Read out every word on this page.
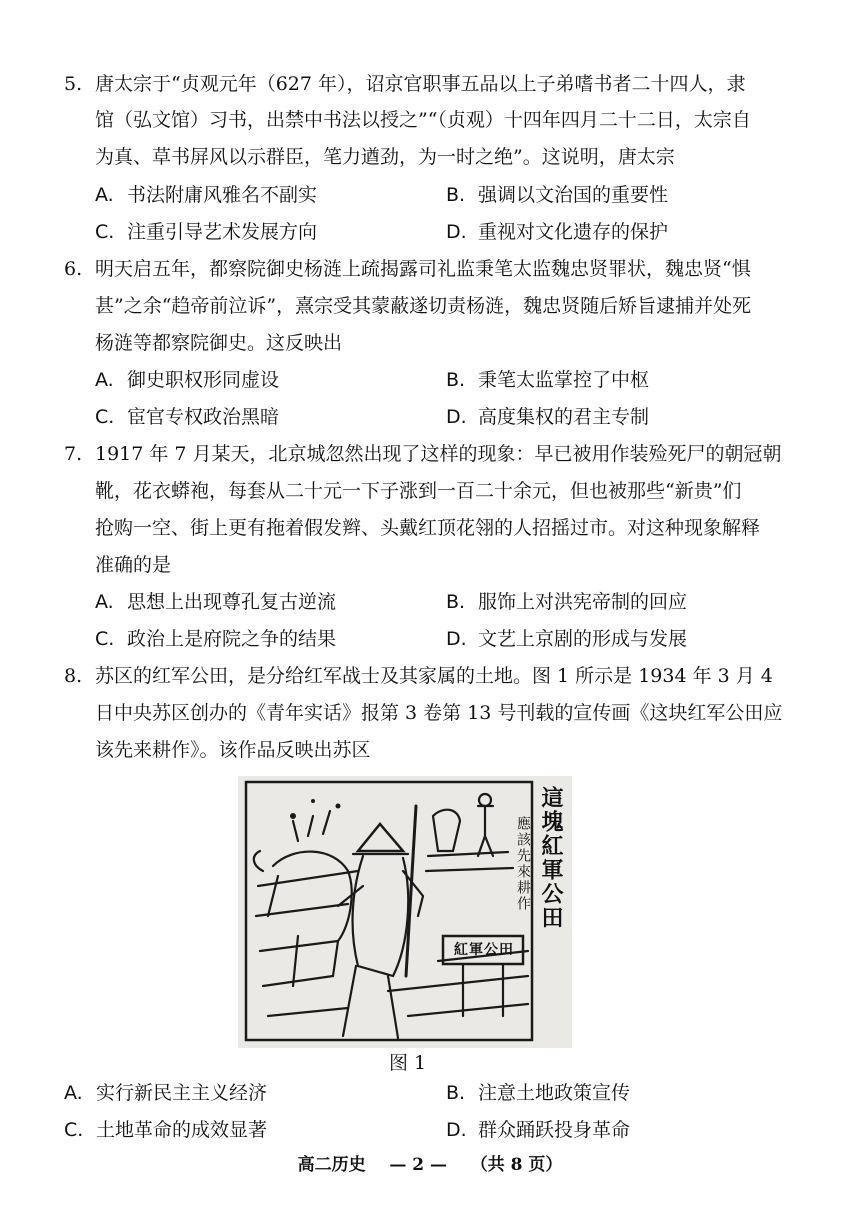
5. 唐太宗于“贞观元年（627 年），诏京官职事五品以上子弟嗜书者二十四人，隶
馆（弘文馆）习书，出禁中书法以授之”“（贞观）十四年四月二十二日，太宗自
为真、草书屏风以示群臣，笔力遒劲，为一时之绝”。这说明，唐太宗
A. 书法附庸风雅名不副实	B. 强调以文治国的重要性
C. 注重引导艺术发展方向	D. 重视对文化遗存的保护
6. 明天启五年，都察院御史杨涟上疏揭露司礼监秉笔太监魏忠贤罪状，魏忠贤“惧
甚”之余“趋帝前泣诉”，熹宗受其蒙蔽遂切责杨涟，魏忠贤随后矫旨逮捕并处死
杨涟等都察院御史。这反映出
A. 御史职权形同虚设	B. 秉笔太监掌控了中枢
C. 宦官专权政治黑暗	D. 高度集权的君主专制
7. 1917 年 7 月某天，北京城忽然出现了这样的现象：早已被用作装殓死尸的朝冠朝
靴，花衣蟒袍，每套从二十元一下子涨到一百二十余元，但也被那些“新贵”们
抢购一空、街上更有拖着假发辫、头戴红顶花翎的人招摇过市。对这种现象解释
准确的是
A. 思想上出现尊孔复古逆流	B. 服饰上对洪宪帝制的回应
C. 政治上是府院之争的结果	D. 文艺上京剧的形成与发展
8. 苏区的红军公田，是分给红军战士及其家属的土地。图 1 所示是 1934 年 3 月 4
日中央苏区创办的《青年实话》报第 3 卷第 13 号刊载的宣传画《这块红军公田应
该先来耕作》。该作品反映出苏区
這塊紅軍公田
應該先來耕作
紅軍公田
图 1
A. 实行新民主主义经济	B. 注意土地政策宣传
C. 土地革命的成效显著	D. 群众踊跃投身革命
高二历史 — 2 — （共 8 页）
